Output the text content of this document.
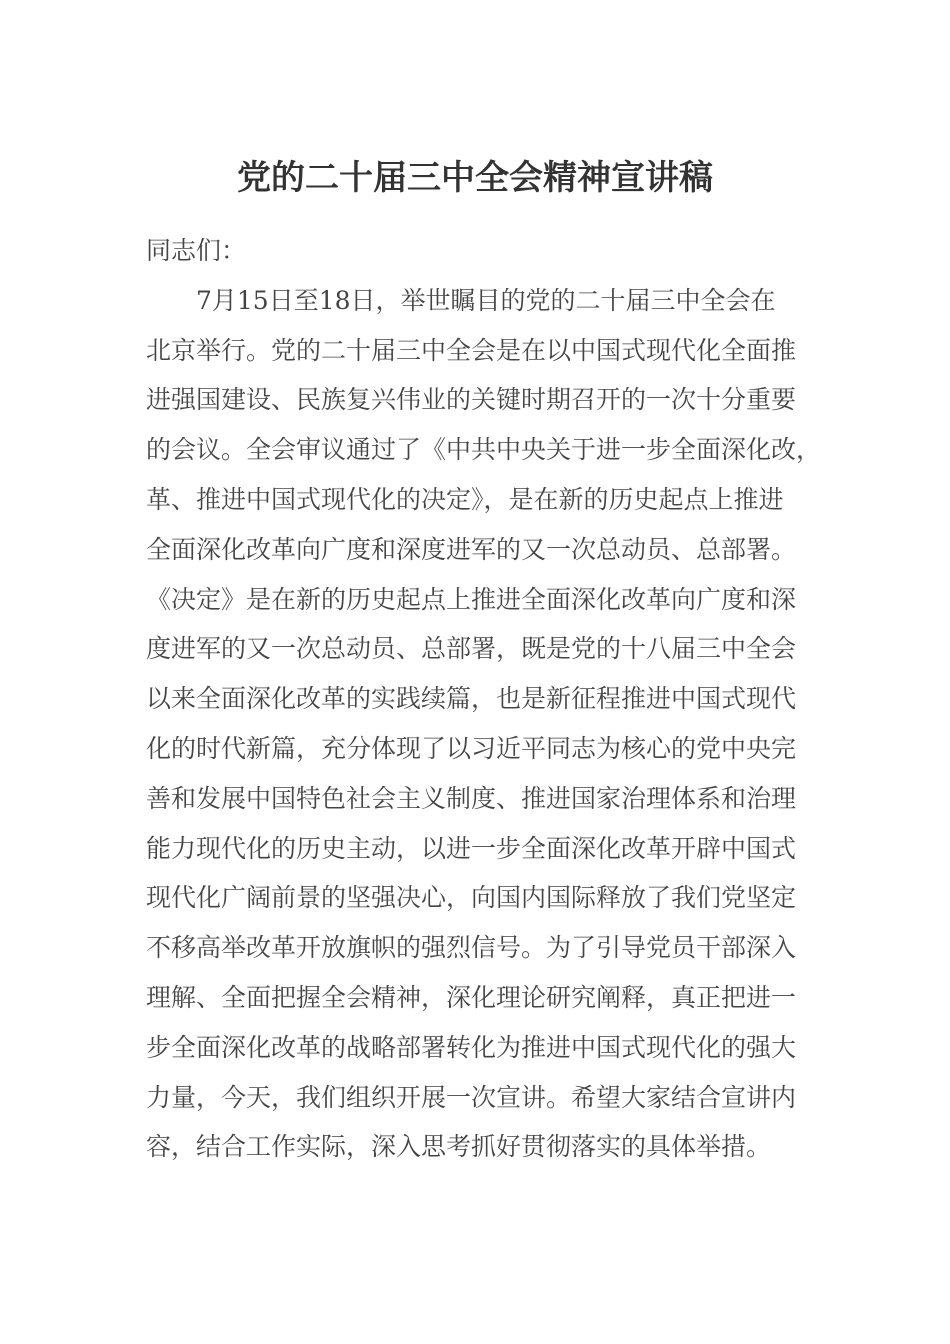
党的二十届三中全会精神宣讲稿
同志们：
7月15日至18日，举世瞩目的党的二十届三中全会在
北京举行。党的二十届三中全会是在以中国式现代化全面推
进强国建设、民族复兴伟业的关键时期召开的一次十分重要
的会议。全会审议通过了《中共中央关于进一步全面深化改，
革、推进中国式现代化的决定》，是在新的历史起点上推进
全面深化改革向广度和深度进军的又一次总动员、总部署。
《决定》是在新的历史起点上推进全面深化改革向广度和深
度进军的又一次总动员、总部署，既是党的十八届三中全会
以来全面深化改革的实践续篇，也是新征程推进中国式现代
化的时代新篇，充分体现了以习近平同志为核心的党中央完
善和发展中国特色社会主义制度、推进国家治理体系和治理
能力现代化的历史主动，以进一步全面深化改革开辟中国式
现代化广阔前景的坚强决心，向国内国际释放了我们党坚定
不移高举改革开放旗帜的强烈信号。为了引导党员干部深入
理解、全面把握全会精神，深化理论研究阐释，真正把进一
步全面深化改革的战略部署转化为推进中国式现代化的强大
力量，今天，我们组织开展一次宣讲。希望大家结合宣讲内
容，结合工作实际，深入思考抓好贯彻落实的具体举措。
